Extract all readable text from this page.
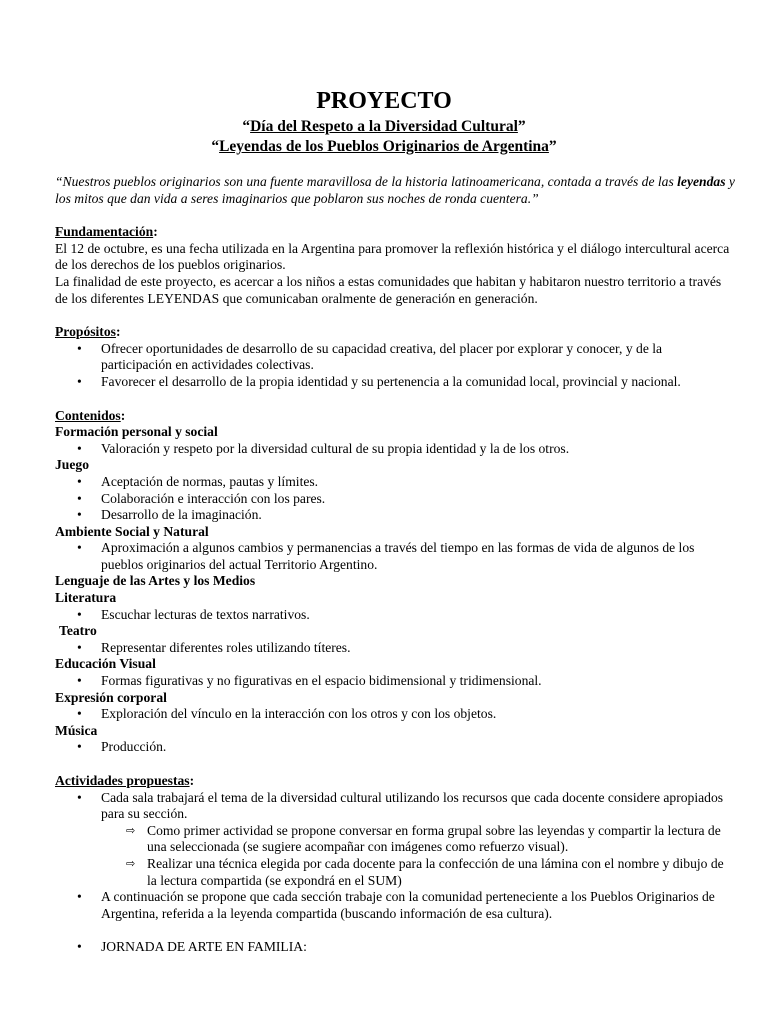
PROYECTO
“Día del Respeto a la Diversidad Cultural”
“Leyendas de los Pueblos Originarios de Argentina”
“Nuestros pueblos originarios son una fuente maravillosa de la historia latinoamericana, contada a través de las leyendas y los mitos que dan vida a seres imaginarios que poblaron sus noches de ronda cuentera.”
Fundamentación:
El 12 de octubre, es una fecha utilizada en la Argentina para promover la reflexión histórica y el diálogo intercultural acerca de los derechos de los pueblos originarios.
La finalidad de este proyecto, es acercar a los niños a estas comunidades que habitan y habitaron nuestro territorio a través de los diferentes LEYENDAS que comunicaban oralmente de generación en generación.
Propósitos:
• Ofrecer oportunidades de desarrollo de su capacidad creativa, del placer por explorar y conocer, y de la participación en actividades colectivas.
• Favorecer el desarrollo de la propia identidad y su pertenencia a la comunidad local, provincial y nacional.
Contenidos:
Formación personal y social
• Valoración y respeto por la diversidad cultural de su propia identidad y la de los otros.
Juego
• Aceptación de normas, pautas y límites.
• Colaboración e interacción con los pares.
• Desarrollo de la imaginación.
Ambiente Social y Natural
• Aproximación a algunos cambios y permanencias a través del tiempo en las formas de vida de algunos de los pueblos originarios del actual Territorio Argentino.
Lenguaje de las Artes y los Medios
Literatura
• Escuchar lecturas de textos narrativos.
Teatro
• Representar diferentes roles utilizando títeres.
Educación Visual
• Formas figurativas y no figurativas en el espacio bidimensional y tridimensional.
Expresión corporal
• Exploración del vínculo en la interacción con los otros y con los objetos.
Música
• Producción.
Actividades propuestas:
• Cada sala trabajará el tema de la diversidad cultural utilizando los recursos que cada docente considere apropiados para su sección.
⇨ Como primer actividad se propone conversar en forma grupal sobre las leyendas y compartir la lectura de una seleccionada (se sugiere acompañar con imágenes como refuerzo visual).
⇨ Realizar una técnica elegida por cada docente para la confección de una lámina con el nombre y dibujo de la lectura compartida (se expondrá en el SUM)
• A continuación se propone que cada sección trabaje con la comunidad perteneciente a los Pueblos Originarios de Argentina, referida a la leyenda compartida (buscando información de esa cultura).
• JORNADA DE ARTE EN FAMILIA:
